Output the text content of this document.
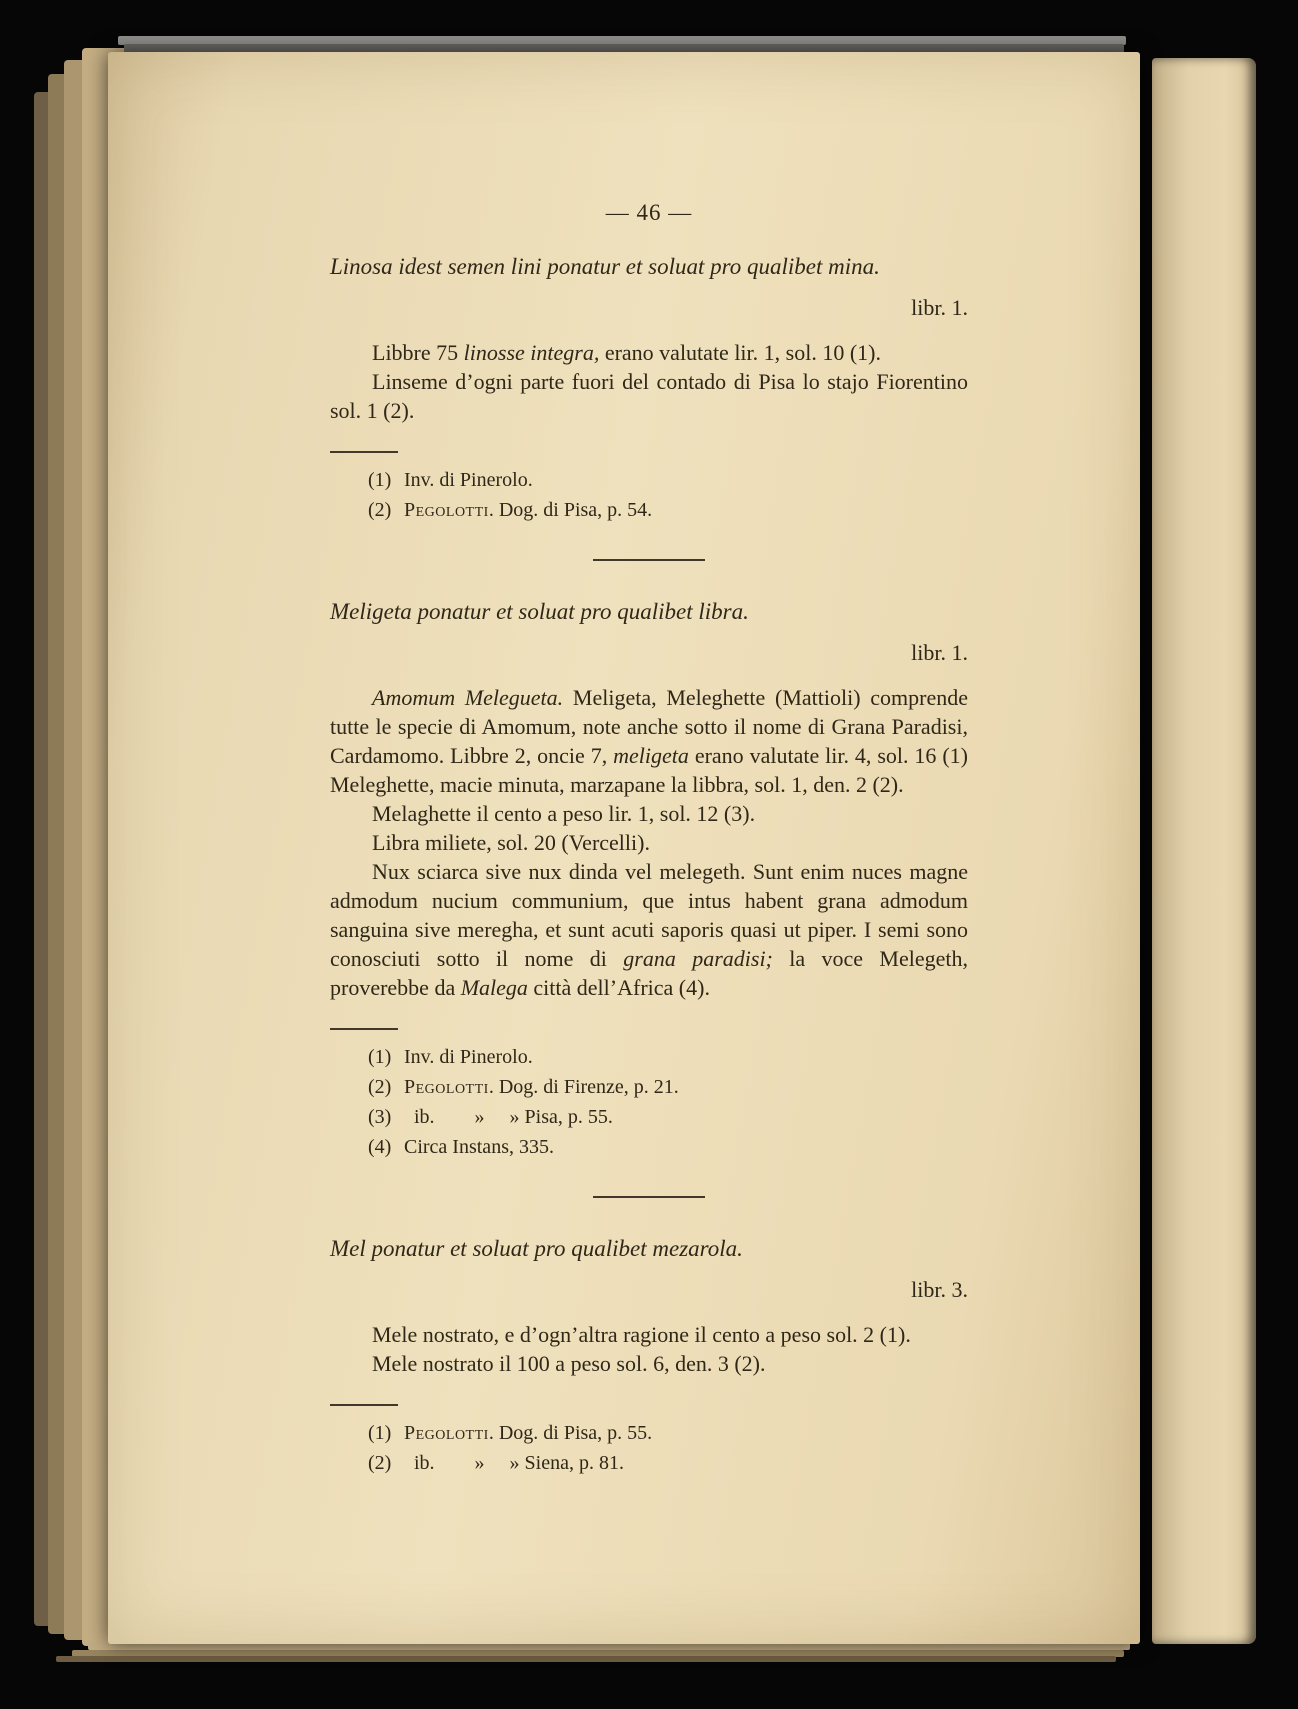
— 46 —
Linosa idest semen lini ponatur et soluat pro qualibet mina.
libr. 1.

Libbre 75 linosse integra, erano valutate lir. 1, sol. 10 (1).

Linseme d’ogni parte fuori del contado di Pisa lo stajo Fiorentino sol. 1 (2).

(1) Inv. di Pinerolo.
(2) Pegolotti. Dog. di Pisa, p. 54.
Meligeta ponatur et soluat pro qualibet libra.
libr. 1.

Amomum Melegueta. Meligeta, Meleghette (Mattioli) comprende tutte le specie di Amomum, note anche sotto il nome di Grana Paradisi, Cardamomo. Libbre 2, oncie 7, meligeta erano valutate lir. 4, sol. 16 (1) Meleghette, macie minuta, marzapane la libbra, sol. 1, den. 2 (2).

Melaghette il cento a peso lir. 1, sol. 12 (3).

Libra miliete, sol. 20 (Vercelli).

Nux sciarca sive nux dinda vel melegeth. Sunt enim nuces magne admodum nucium communium, que intus habent grana admodum sanguina sive meregha, et sunt acuti saporis quasi ut piper. I semi sono conosciuti sotto il nome di grana paradisi; la voce Melegeth, proverebbe da Malega città dell’Africa (4).

(1) Inv. di Pinerolo.
(2) Pegolotti. Dog. di Firenze, p. 21.
(3) ib.  »  » Pisa, p. 55.
(4) Circa Instans, 335.
Mel ponatur et soluat pro qualibet mezarola.
libr. 3.

Mele nostrato, e d’ogn’altra ragione il cento a peso sol. 2 (1).

Mele nostrato il 100 a peso sol. 6, den. 3 (2).

(1) Pegolotti. Dog. di Pisa, p. 55.
(2) ib.  »  » Siena, p. 81.
